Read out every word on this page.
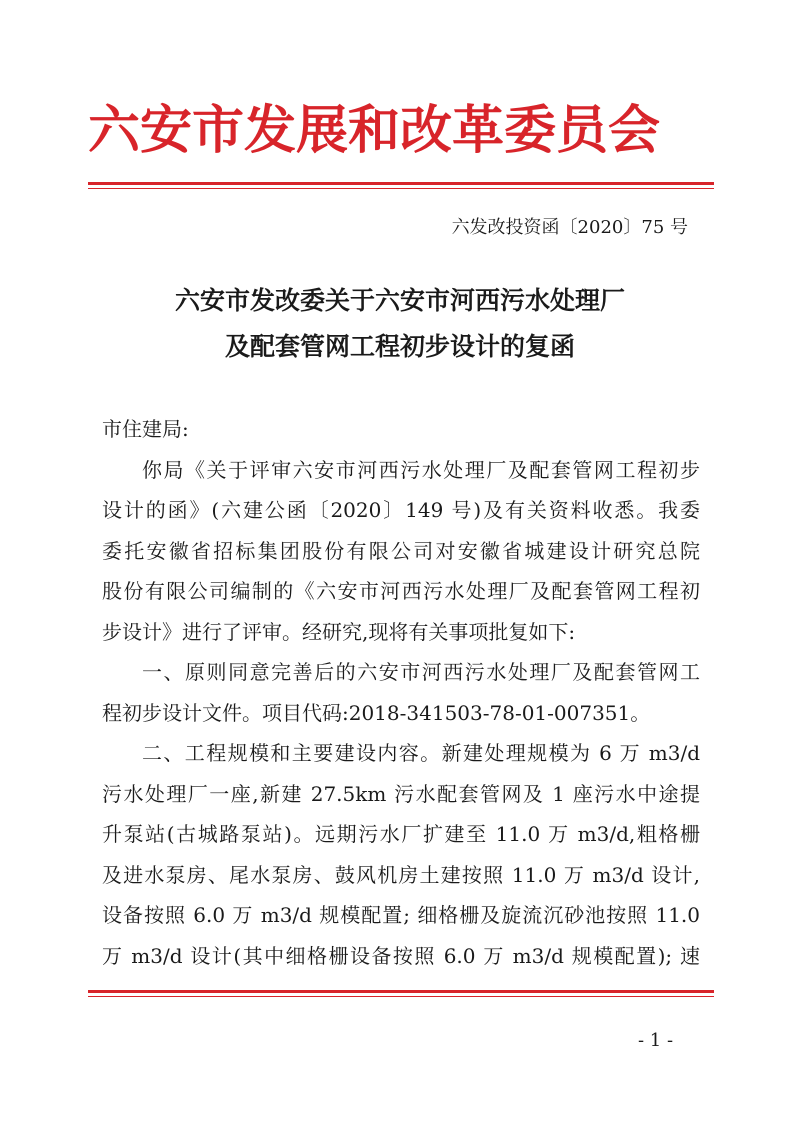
六安市发展和改革委员会
六发改投资函〔2020〕75 号
六安市发改委关于六安市河西污水处理厂
及配套管网工程初步设计的复函
市住建局:
你局《关于评审六安市河西污水处理厂及配套管网工程初步
设计的函》(六建公函〔2020〕149 号)及有关资料收悉。我委
委托安徽省招标集团股份有限公司对安徽省城建设计研究总院
股份有限公司编制的《六安市河西污水处理厂及配套管网工程初
步设计》进行了评审。经研究,现将有关事项批复如下:
一、原则同意完善后的六安市河西污水处理厂及配套管网工
程初步设计文件。项目代码:2018-341503-78-01-007351。
二、工程规模和主要建设内容。新建处理规模为 6 万 m3/d
污水处理厂一座,新建 27.5km 污水配套管网及 1 座污水中途提
升泵站(古城路泵站)。远期污水厂扩建至 11.0 万 m3/d,粗格栅
及进水泵房、尾水泵房、鼓风机房土建按照 11.0 万 m3/d 设计,
设备按照 6.0 万 m3/d 规模配置; 细格栅及旋流沉砂池按照 11.0
万 m3/d 设计(其中细格栅设备按照 6.0 万 m3/d 规模配置); 速
- 1 -
